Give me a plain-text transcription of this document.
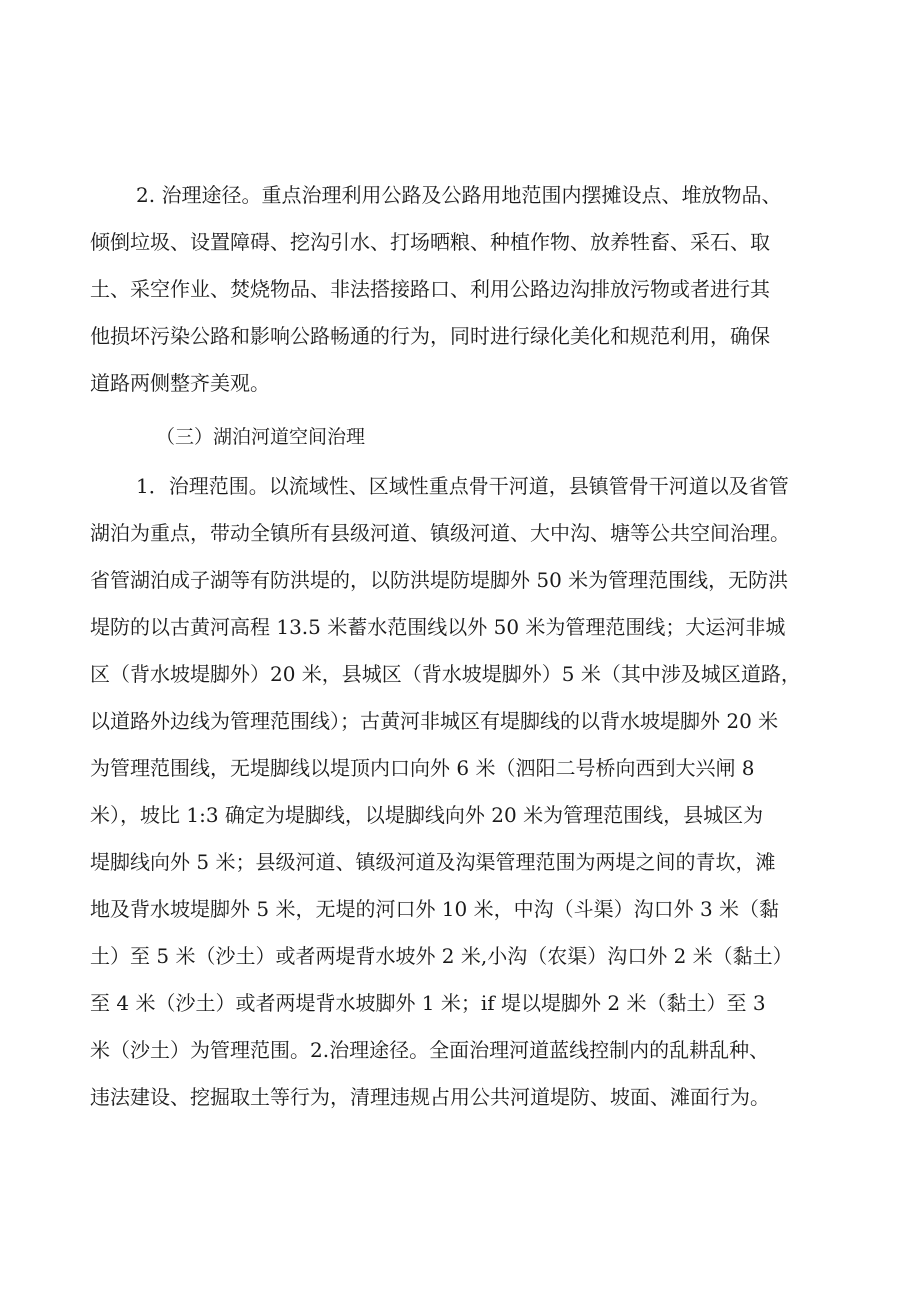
2. 治理途径。重点治理利用公路及公路用地范围内摆摊设点、堆放物品、
倾倒垃圾、设置障碍、挖沟引水、打场晒粮、种植作物、放养牲畜、采石、取
土、采空作业、焚烧物品、非法搭接路口、利用公路边沟排放污物或者进行其
他损坏污染公路和影响公路畅通的行为，同时进行绿化美化和规范利用，确保
道路两侧整齐美观。
（三）湖泊河道空间治理
1．治理范围。以流域性、区域性重点骨干河道，县镇管骨干河道以及省管
湖泊为重点，带动全镇所有县级河道、镇级河道、大中沟、塘等公共空间治理。
省管湖泊成子湖等有防洪堤的，以防洪堤防堤脚外 50 米为管理范围线，无防洪
堤防的以古黄河高程 13.5 米蓄水范围线以外 50 米为管理范围线；大运河非城
区（背水坡堤脚外）20 米，县城区（背水坡堤脚外）5 米（其中涉及城区道路，
以道路外边线为管理范围线）；古黄河非城区有堤脚线的以背水坡堤脚外 20 米
为管理范围线，无堤脚线以堤顶内口向外 6 米（泗阳二号桥向西到大兴闸 8
米），坡比 1:3 确定为堤脚线，以堤脚线向外 20 米为管理范围线，县城区为
堤脚线向外 5 米；县级河道、镇级河道及沟渠管理范围为两堤之间的青坎，滩
地及背水坡堤脚外 5 米，无堤的河口外 10 米，中沟（斗渠）沟口外 3 米（黏
土）至 5 米（沙土）或者两堤背水坡外 2 米,小沟（农渠）沟口外 2 米（黏土）
至 4 米（沙土）或者两堤背水坡脚外 1 米；if 堤以堤脚外 2 米（黏土）至 3
米（沙土）为管理范围。2.治理途径。全面治理河道蓝线控制内的乱耕乱种、
违法建设、挖掘取土等行为，清理违规占用公共河道堤防、坡面、滩面行为。
